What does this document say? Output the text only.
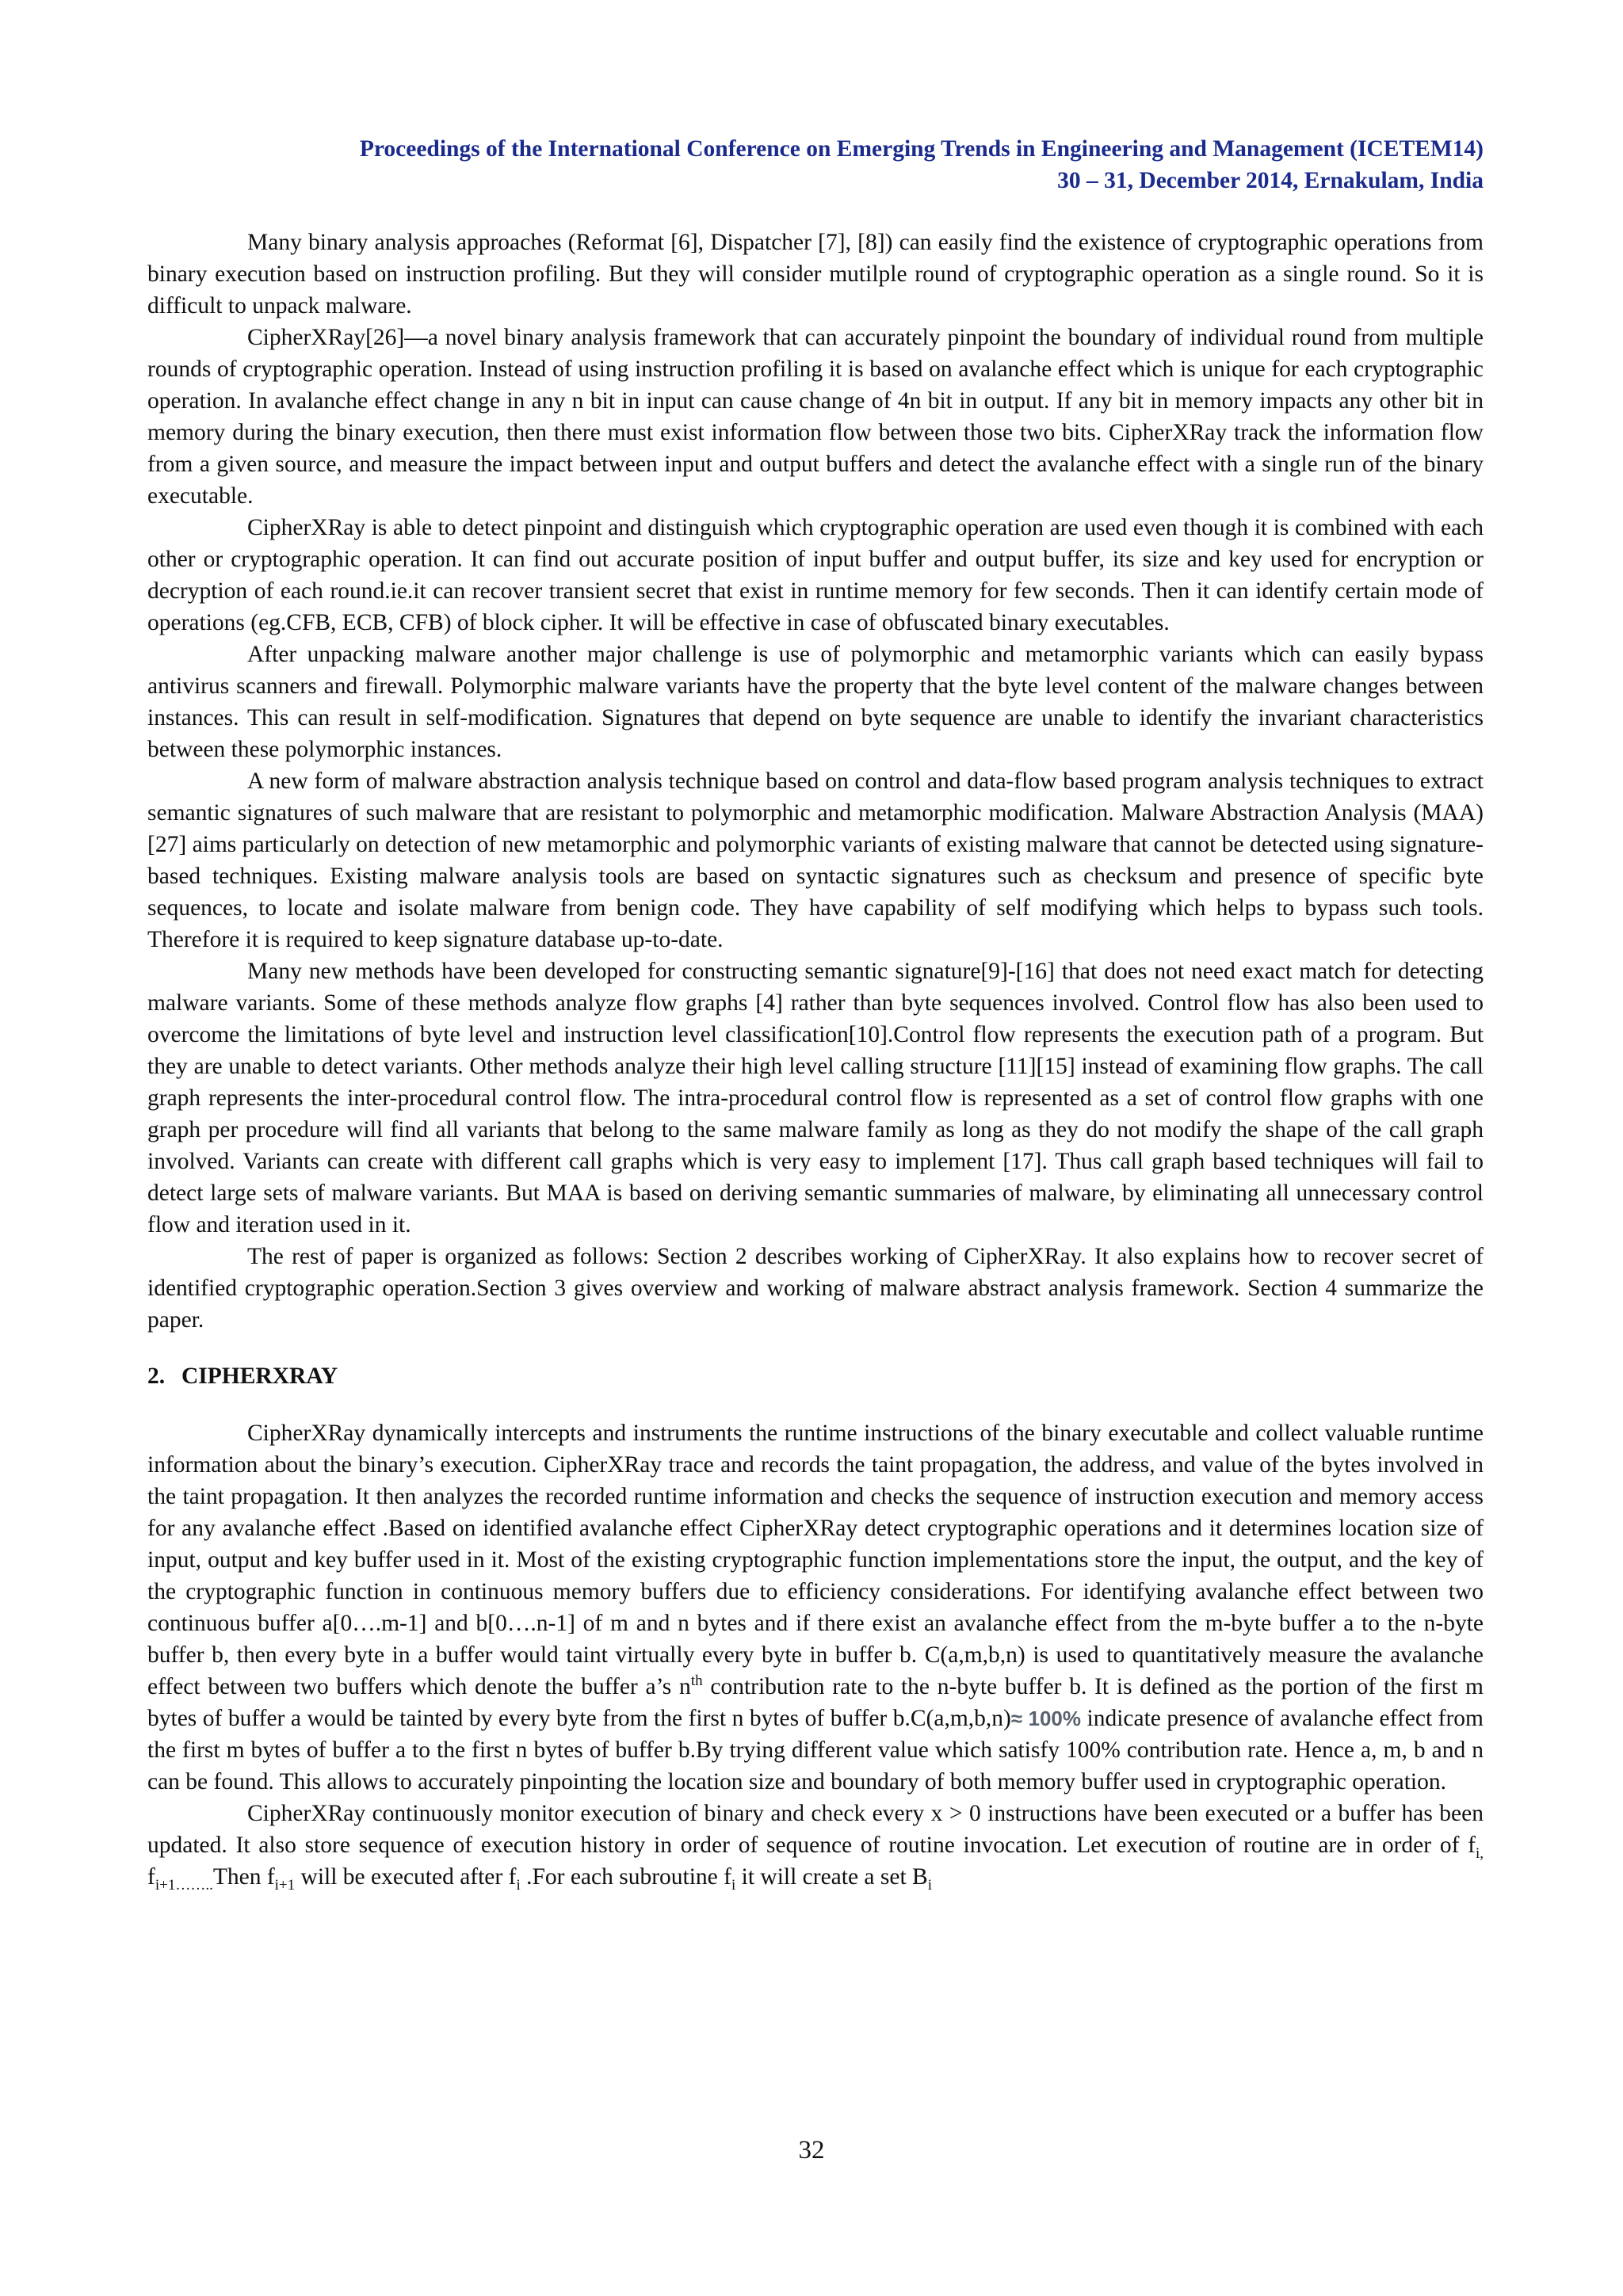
Proceedings of the International Conference on Emerging Trends in Engineering and Management (ICETEM14)
30 – 31, December 2014, Ernakulam, India

Many binary analysis approaches (Reformat [6], Dispatcher [7], [8]) can easily find the existence of cryptographic operations from binary execution based on instruction profiling. But they will consider mutilple round of cryptographic operation as a single round. So it is difficult to unpack malware.

CipherXRay[26]—a novel binary analysis framework that can accurately pinpoint the boundary of individual round from multiple rounds of cryptographic operation. Instead of using instruction profiling it is based on avalanche effect which is unique for each cryptographic operation. In avalanche effect change in any n bit in input can cause change of 4n bit in output. If any bit in memory impacts any other bit in memory during the binary execution, then there must exist information flow between those two bits. CipherXRay track the information flow from a given source, and measure the impact between input and output buffers and detect the avalanche effect with a single run of the binary executable.

CipherXRay is able to detect pinpoint and distinguish which cryptographic operation are used even though it is combined with each other or cryptographic operation. It can find out accurate position of input buffer and output buffer, its size and key used for encryption or decryption of each round.ie.it can recover transient secret that exist in runtime memory for few seconds. Then it can identify certain mode of operations (eg.CFB, ECB, CFB) of block cipher. It will be effective in case of obfuscated binary executables.

After unpacking malware another major challenge is use of polymorphic and metamorphic variants which can easily bypass antivirus scanners and firewall. Polymorphic malware variants have the property that the byte level content of the malware changes between instances. This can result in self-modification. Signatures that depend on byte sequence are unable to identify the invariant characteristics between these polymorphic instances.

A new form of malware abstraction analysis technique based on control and data-flow based program analysis techniques to extract semantic signatures of such malware that are resistant to polymorphic and metamorphic modification. Malware Abstraction Analysis (MAA)[27] aims particularly on detection of new metamorphic and polymorphic variants of existing malware that cannot be detected using signature-based techniques. Existing malware analysis tools are based on syntactic signatures such as checksum and presence of specific byte sequences, to locate and isolate malware from benign code. They have capability of self modifying which helps to bypass such tools. Therefore it is required to keep signature database up-to-date.

Many new methods have been developed for constructing semantic signature[9]-[16] that does not need exact match for detecting malware variants. Some of these methods analyze flow graphs [4] rather than byte sequences involved. Control flow has also been used to overcome the limitations of byte level and instruction level classification[10].Control flow represents the execution path of a program. But they are unable to detect variants. Other methods analyze their high level calling structure [11][15] instead of examining flow graphs. The call graph represents the inter-procedural control flow. The intra-procedural control flow is represented as a set of control flow graphs with one graph per procedure will find all variants that belong to the same malware family as long as they do not modify the shape of the call graph involved. Variants can create with different call graphs which is very easy to implement [17]. Thus call graph based techniques will fail to detect large sets of malware variants. But MAA is based on deriving semantic summaries of malware, by eliminating all unnecessary control flow and iteration used in it.

The rest of paper is organized as follows: Section 2 describes working of CipherXRay. It also explains how to recover secret of identified cryptographic operation.Section 3 gives overview and working of malware abstract analysis framework. Section 4 summarize the paper.

2. CIPHERXRAY

CipherXRay dynamically intercepts and instruments the runtime instructions of the binary executable and collect valuable runtime information about the binary’s execution. CipherXRay trace and records the taint propagation, the address, and value of the bytes involved in the taint propagation. It then analyzes the recorded runtime information and checks the sequence of instruction execution and memory access for any avalanche effect .Based on identified avalanche effect CipherXRay detect cryptographic operations and it determines location size of input, output and key buffer used in it. Most of the existing cryptographic function implementations store the input, the output, and the key of the cryptographic function in continuous memory buffers due to efficiency considerations. For identifying avalanche effect between two continuous buffer a[0….m-1] and b[0….n-1] of m and n bytes and if there exist an avalanche effect from the m-byte buffer a to the n-byte buffer b, then every byte in a buffer would taint virtually every byte in buffer b. C(a,m,b,n) is used to quantitatively measure the avalanche effect between two buffers which denote the buffer a’s $n^{th}$ contribution rate to the n-byte buffer b. It is defined as the portion of the first m bytes of buffer a would be tainted by every byte from the first n bytes of buffer b.C(a,m,b,n)≈ 100% indicate presence of avalanche effect from the first m bytes of buffer a to the first n bytes of buffer b.By trying different value which satisfy 100% contribution rate. Hence a, m, b and n can be found. This allows to accurately pinpointing the location size and boundary of both memory buffer used in cryptographic operation.

CipherXRay continuously monitor execution of binary and check every x > 0 instructions have been executed or a buffer has been updated. It also store sequence of execution history in order of sequence of routine invocation. Let execution of routine are in order of $f_{i,}$ $f_{i+1\dots\dots..}Then$ $f_{i+1}$ will be executed after $f_i$ .For each subroutine $f_i$ it will create a set $B_i$

32
